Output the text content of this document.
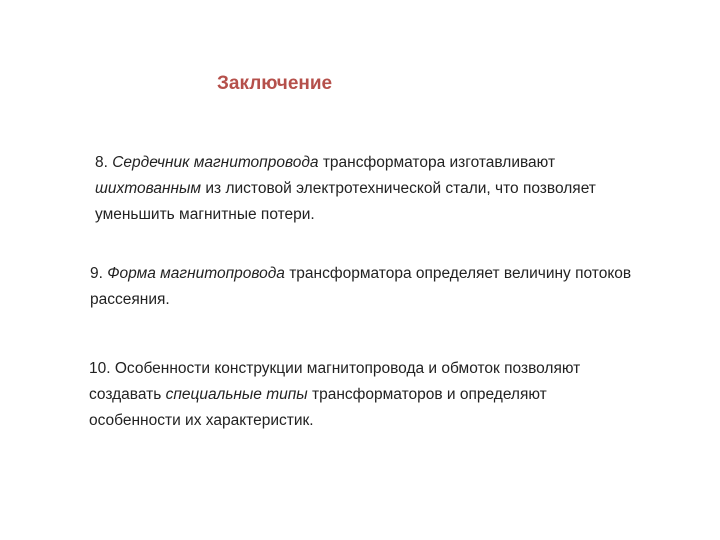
Заключение
8. Сердечник магнитопровода трансформатора изготавливают
шихтованным из листовой электротехнической стали, что позволяет
уменьшить магнитные потери.
9. Форма магнитопровода трансформатора определяет величину потоков
рассеяния.
10. Особенности конструкции магнитопровода и обмоток позволяют
создавать специальные типы трансформаторов и определяют
особенности их характеристик.
